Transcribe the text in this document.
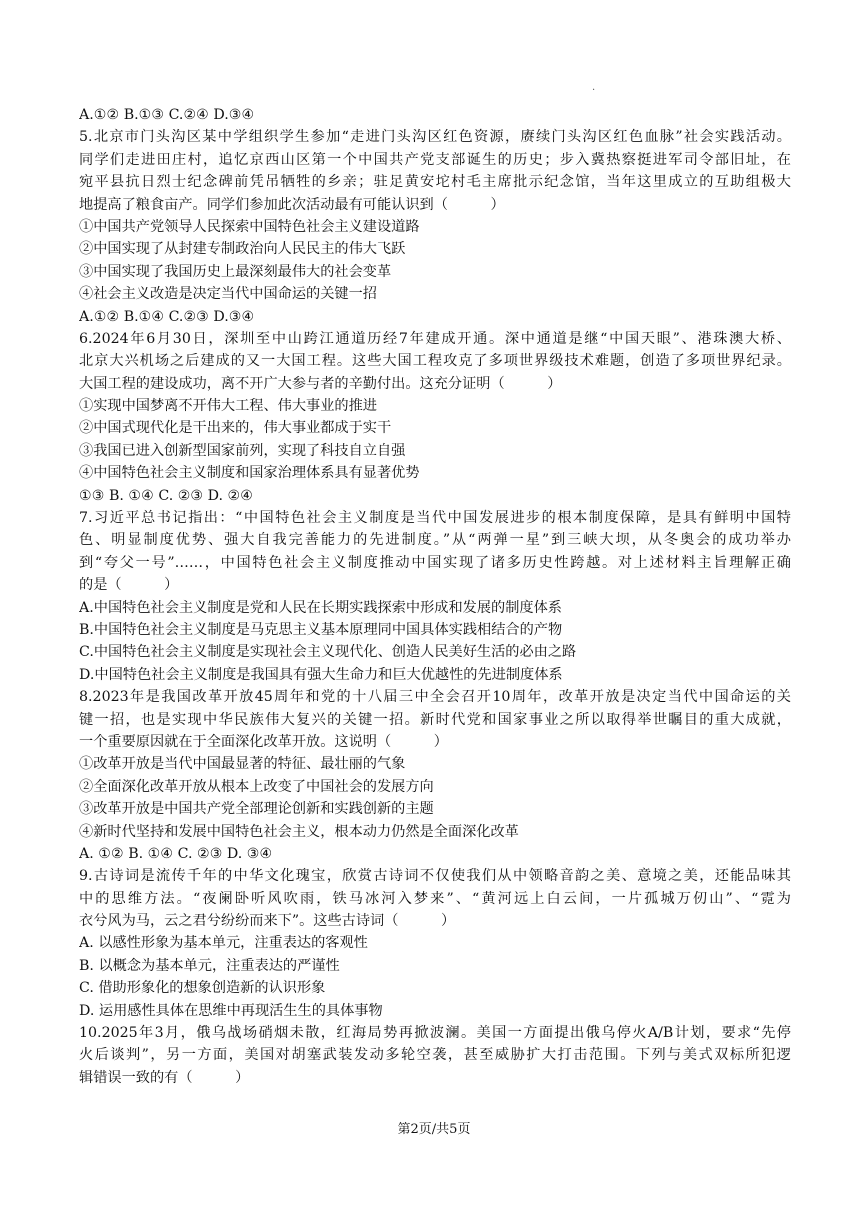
.
A.①② B.①③ C.②④ D.③④
5.北京市门头沟区某中学组织学生参加“走进门头沟区红色资源，赓续门头沟区红色血脉”社会实践活动。
同学们走进田庄村，追忆京西山区第一个中国共产党支部诞生的历史；步入冀热察挺进军司令部旧址，在
宛平县抗日烈士纪念碑前凭吊牺牲的乡亲；驻足黄安坨村毛主席批示纪念馆，当年这里成立的互助组极大
地提高了粮食亩产。同学们参加此次活动最有可能认识到（　　　）
①中国共产党领导人民探索中国特色社会主义建设道路
②中国实现了从封建专制政治向人民民主的伟大飞跃
③中国实现了我国历史上最深刻最伟大的社会变革
④社会主义改造是决定当代中国命运的关键一招
A.①② B.①④ C.②③ D.③④
6.2024年6月30日，深圳至中山跨江通道历经7年建成开通。深中通道是继“中国天眼”、港珠澳大桥、
北京大兴机场之后建成的又一大国工程。这些大国工程攻克了多项世界级技术难题，创造了多项世界纪录。
大国工程的建设成功，离不开广大参与者的辛勤付出。这充分证明（　　　）
①实现中国梦离不开伟大工程、伟大事业的推进
②中国式现代化是干出来的，伟大事业都成于实干
③我国已进入创新型国家前列，实现了科技自立自强
④中国特色社会主义制度和国家治理体系具有显著优势
①③ B. ①④ C. ②③ D. ②④
7.习近平总书记指出：“中国特色社会主义制度是当代中国发展进步的根本制度保障，是具有鲜明中国特
色、明显制度优势、强大自我完善能力的先进制度。”从“两弹一星”到三峡大坝，从冬奥会的成功举办
到“夸父一号”……，中国特色社会主义制度推动中国实现了诸多历史性跨越。对上述材料主旨理解正确
的是（　　　）
A.中国特色社会主义制度是党和人民在长期实践探索中形成和发展的制度体系
B.中国特色社会主义制度是马克思主义基本原理同中国具体实践相结合的产物
C.中国特色社会主义制度是实现社会主义现代化、创造人民美好生活的必由之路
D.中国特色社会主义制度是我国具有强大生命力和巨大优越性的先进制度体系
8.2023年是我国改革开放45周年和党的十八届三中全会召开10周年，改革开放是决定当代中国命运的关
键一招，也是实现中华民族伟大复兴的关键一招。新时代党和国家事业之所以取得举世瞩目的重大成就，
一个重要原因就在于全面深化改革开放。这说明（　　　）
①改革开放是当代中国最显著的特征、最壮丽的气象
②全面深化改革开放从根本上改变了中国社会的发展方向
③改革开放是中国共产党全部理论创新和实践创新的主题
④新时代坚持和发展中国特色社会主义，根本动力仍然是全面深化改革
A. ①② B. ①④ C. ②③ D. ③④
9.古诗词是流传千年的中华文化瑰宝，欣赏古诗词不仅使我们从中领略音韵之美、意境之美，还能品味其
中的思维方法。“夜阑卧听风吹雨，铁马冰河入梦来”、“黄河远上白云间，一片孤城万仞山”、“霓为
衣兮风为马，云之君兮纷纷而来下”。这些古诗词（　　　）
A. 以感性形象为基本单元，注重表达的客观性
B. 以概念为基本单元，注重表达的严谨性
C. 借助形象化的想象创造新的认识形象
D. 运用感性具体在思维中再现活生生的具体事物
10.2025年3月，俄乌战场硝烟未散，红海局势再掀波澜。美国一方面提出俄乌停火A/B计划，要求“先停
火后谈判”，另一方面，美国对胡塞武装发动多轮空袭，甚至威胁扩大打击范围。下列与美式双标所犯逻
辑错误一致的有（　　　）
第2页/共5页
